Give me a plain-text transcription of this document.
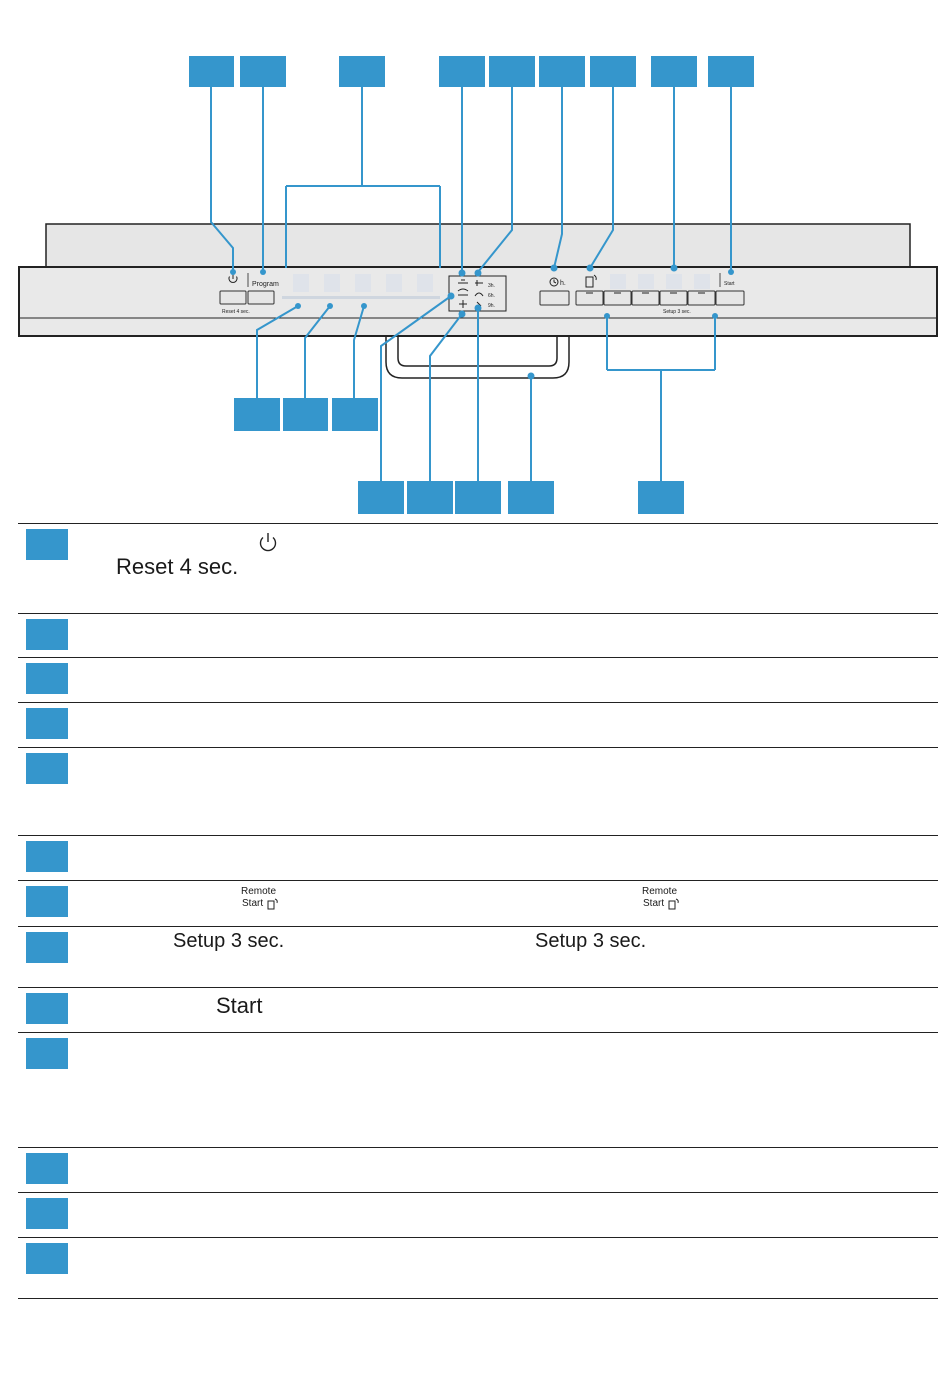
Program
Reset 4 sec.
3h.
6h.
9h.
h.	Start
Setup 3 sec.
Reset 4 sec.
Remote
Start
Remote
Start
Setup 3 sec.	Setup 3 sec.
Start
